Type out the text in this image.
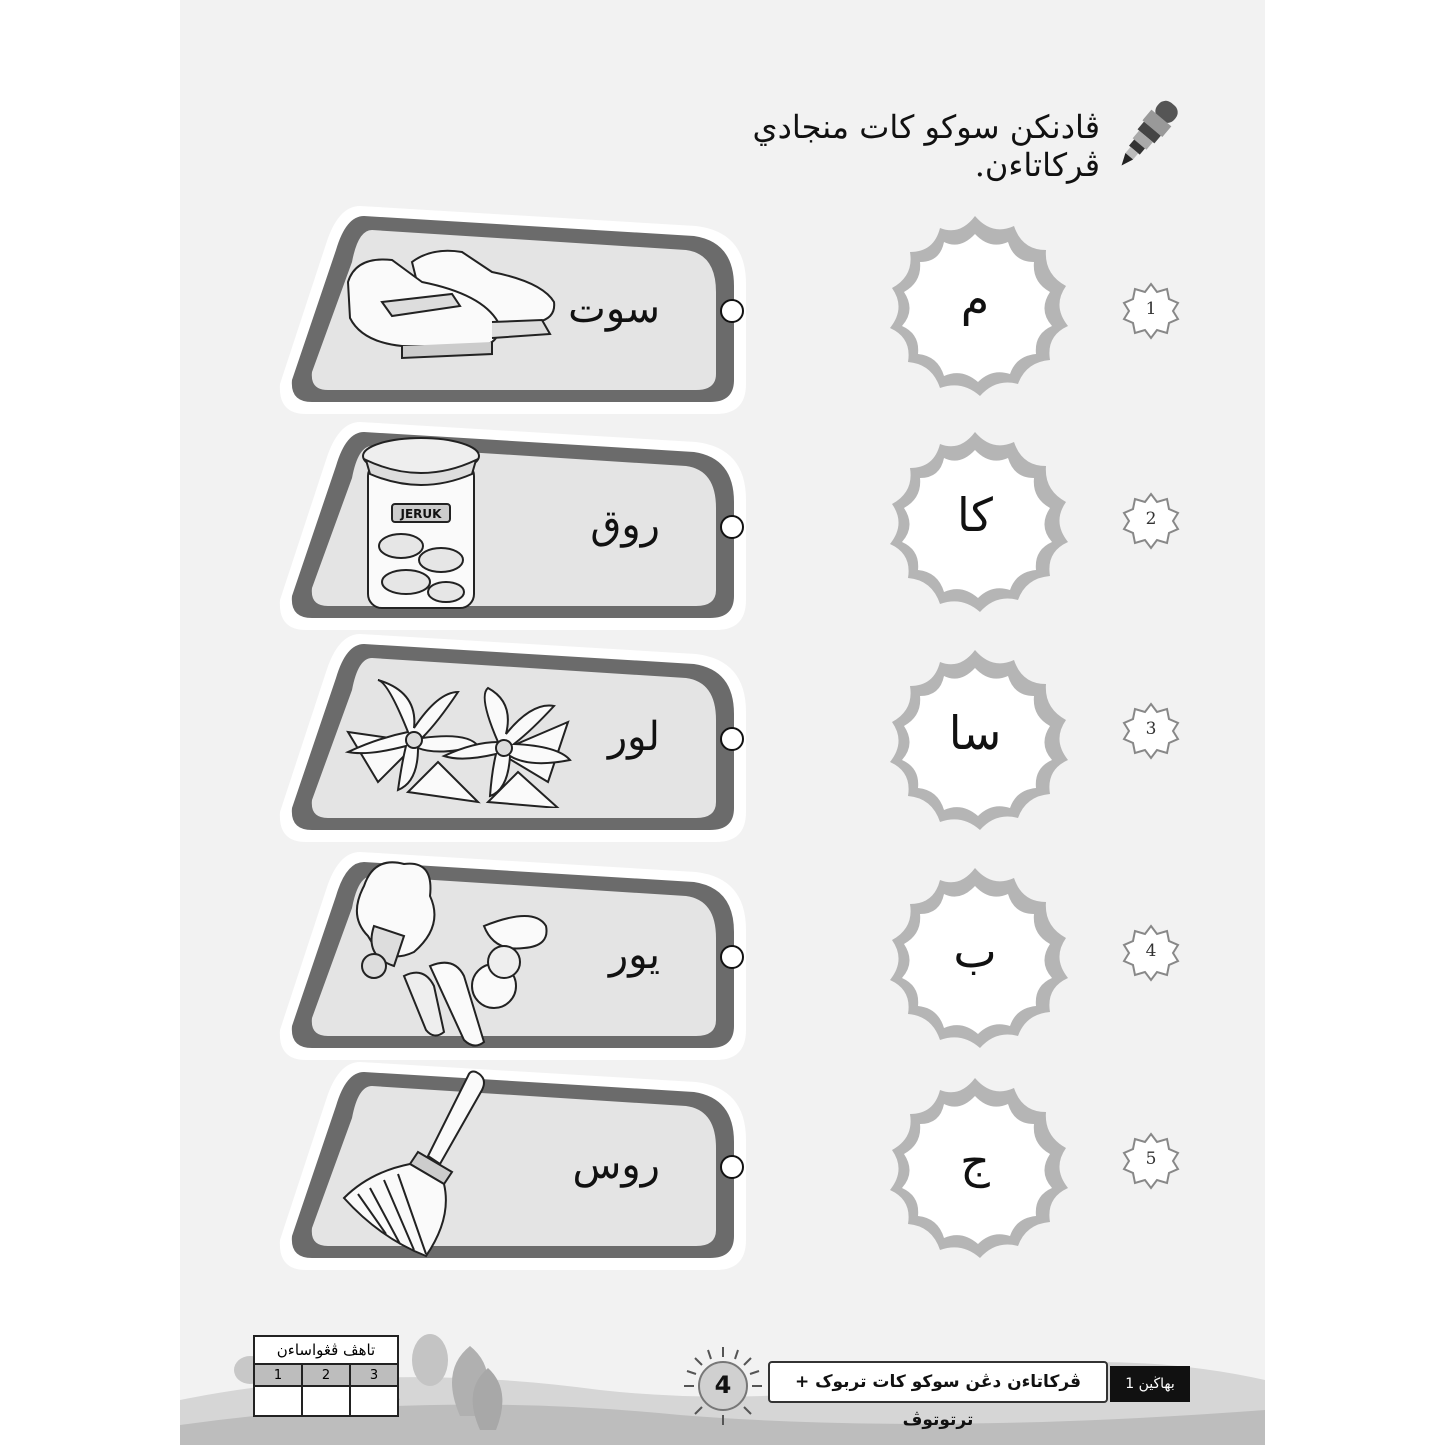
ڤادنكن سوكو كات منجادي ڤركاتاءن.
سوت
JERUK	روق
لور
يور
روس
م	1
كا	2
سا	3
ب	4
ج	5
تاهڤ ڤڠواساءن		
1	2	3
			4	ڤركاتاءن دڠن سوكو كات تربوک + ترتوتوڤ
بهاڬين 1
